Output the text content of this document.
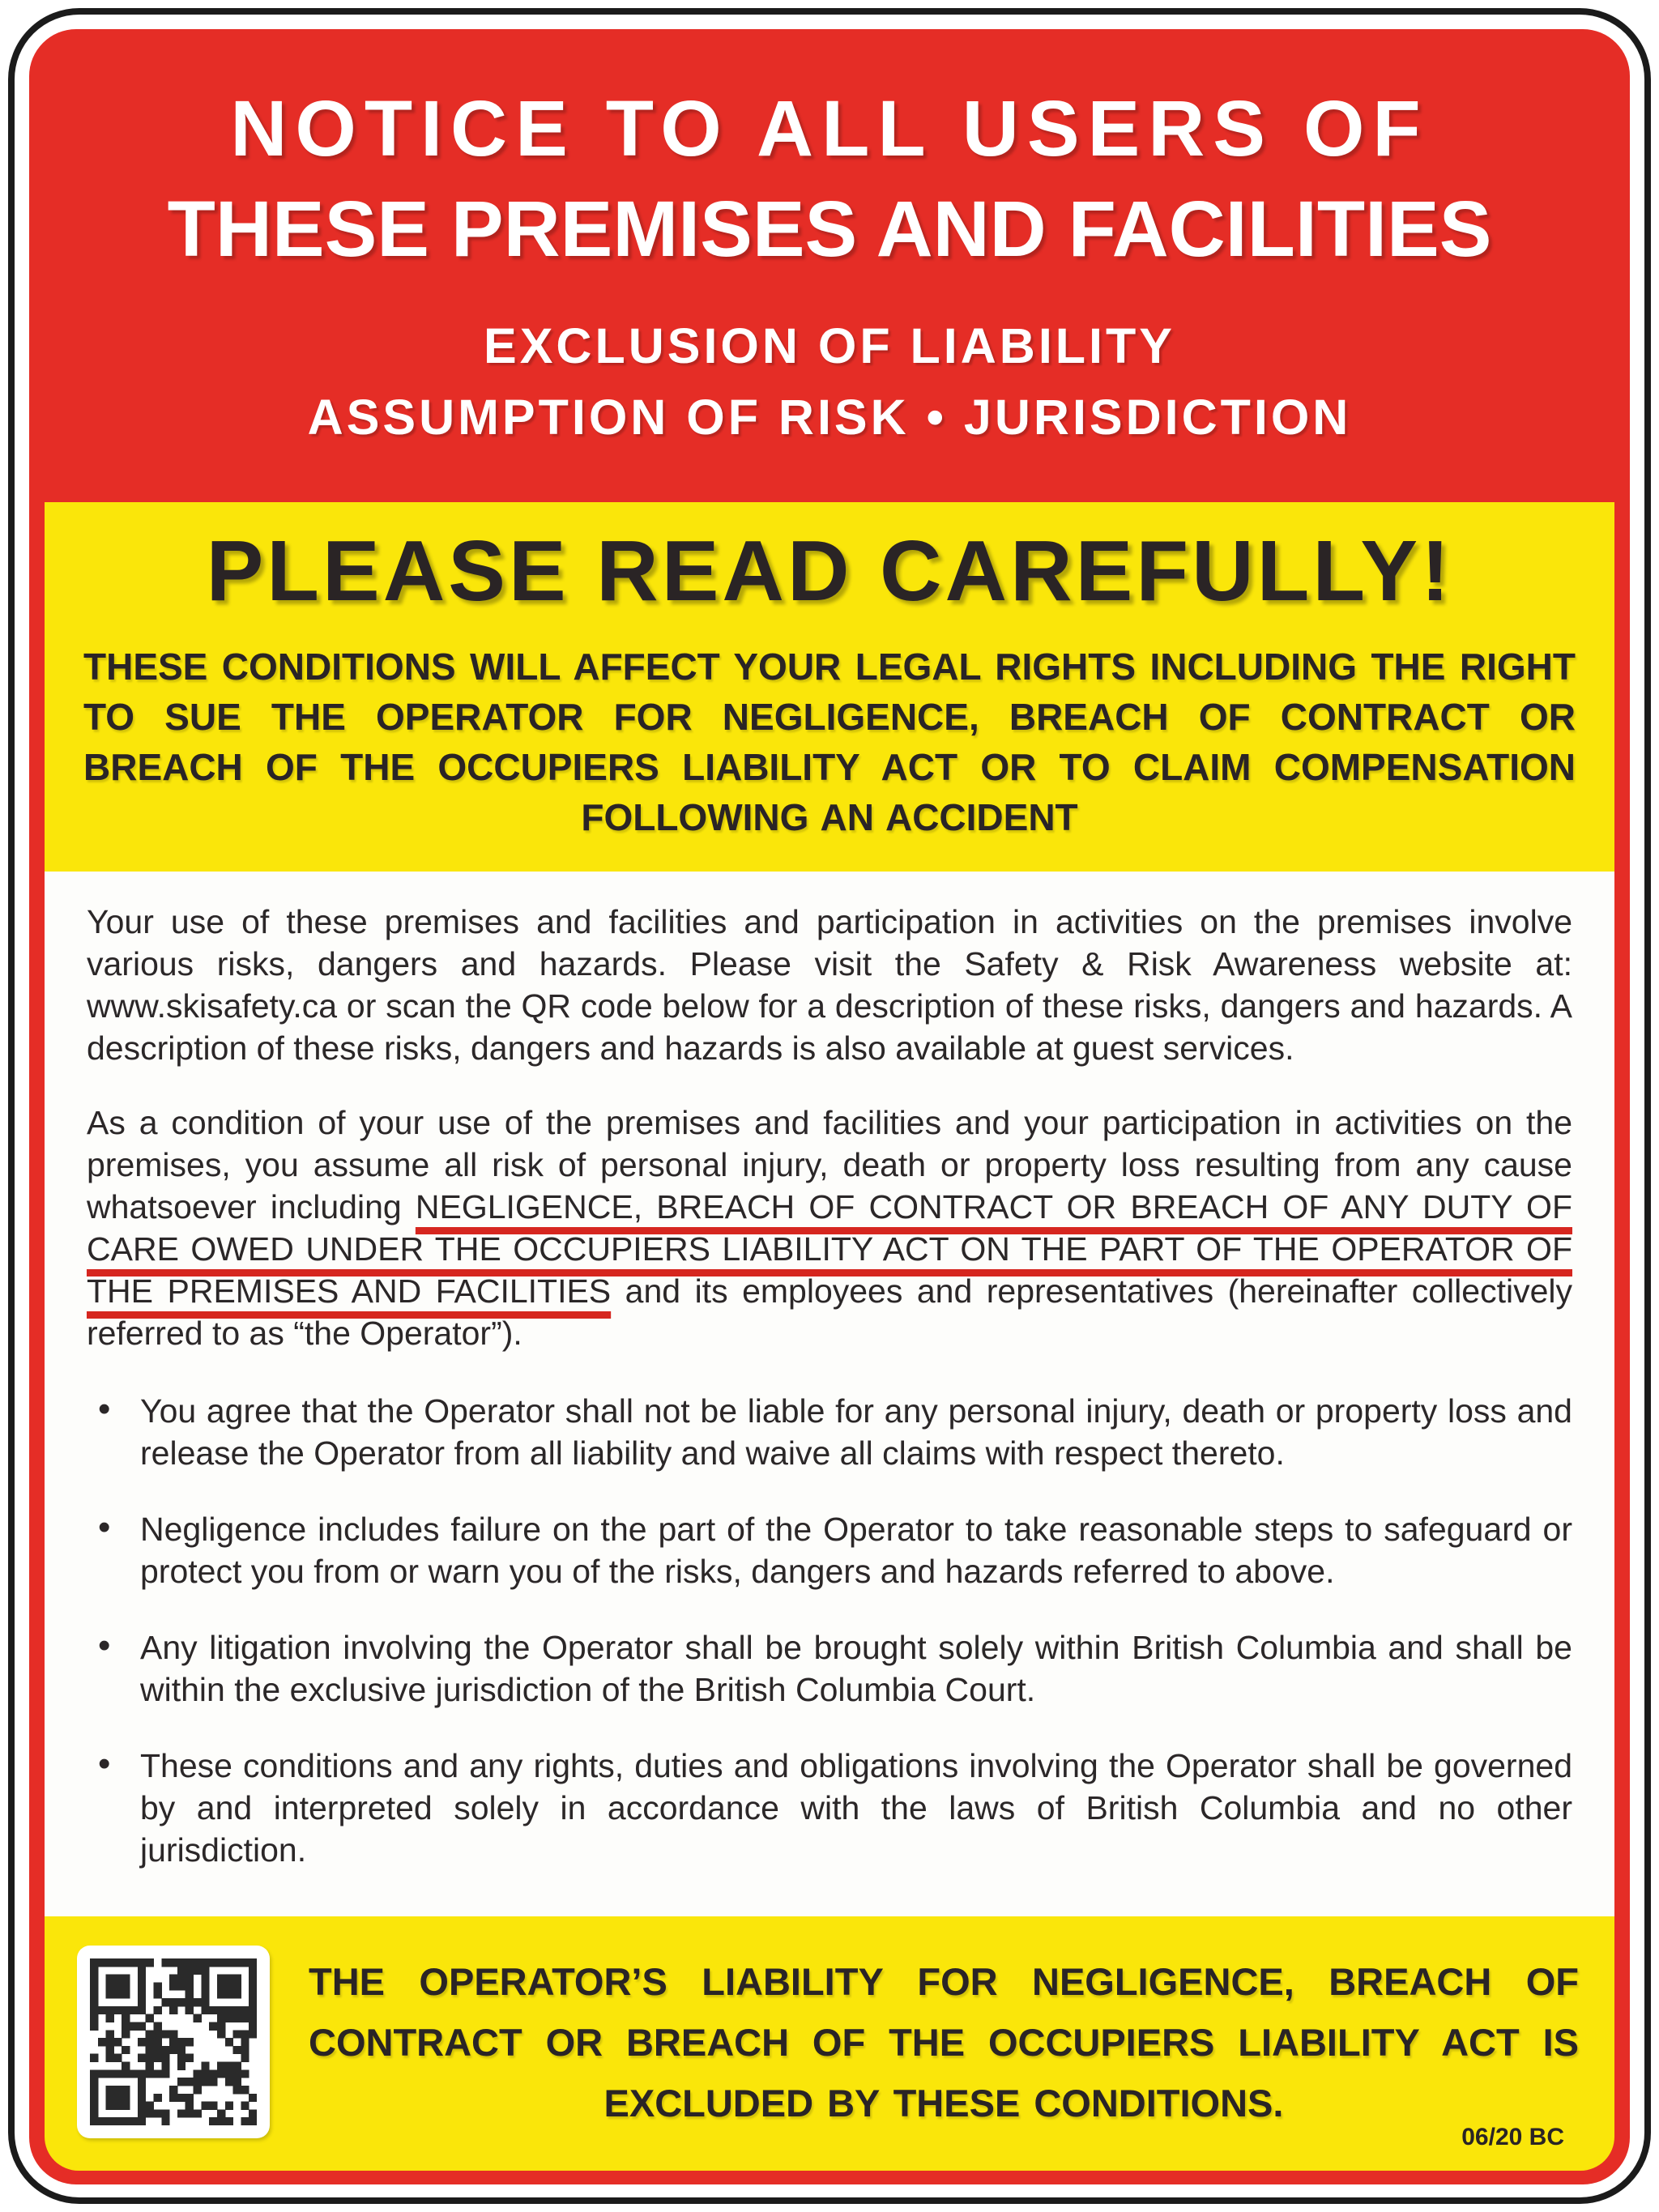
NOTICE TO ALL USERS OF
THESE PREMISES AND FACILITIES
EXCLUSION OF LIABILITY
ASSUMPTION OF RISK • JURISDICTION
PLEASE READ CAREFULLY!
THESE CONDITIONS WILL AFFECT YOUR LEGAL RIGHTS INCLUDING THE RIGHT TO SUE THE OPERATOR FOR NEGLIGENCE, BREACH OF CONTRACT OR BREACH OF THE OCCUPIERS LIABILITY ACT OR TO CLAIM COMPENSATION FOLLOWING AN ACCIDENT

Your use of these premises and facilities and participation in activities on the premises involve various risks, dangers and hazards. Please visit the Safety & Risk Awareness website at: www.skisafety.ca or scan the QR code below for a description of these risks, dangers and hazards. A description of these risks, dangers and hazards is also available at guest services.

As a condition of your use of the premises and facilities and your participation in activities on the premises, you assume all risk of personal injury, death or property loss resulting from any cause whatsoever including NEGLIGENCE, BREACH OF CONTRACT OR BREACH OF ANY DUTY OF CARE OWED UNDER THE OCCUPIERS LIABILITY ACT ON THE PART OF THE OPERATOR OF THE PREMISES AND FACILITIES and its employees and representatives (hereinafter collectively referred to as “the Operator”).

• You agree that the Operator shall not be liable for any personal injury, death or property loss and release the Operator from all liability and waive all claims with respect thereto.
• Negligence includes failure on the part of the Operator to take reasonable steps to safeguard or protect you from or warn you of the risks, dangers and hazards referred to above.
• Any litigation involving the Operator shall be brought solely within British Columbia and shall be within the exclusive jurisdiction of the British Columbia Court.
• These conditions and any rights, duties and obligations involving the Operator shall be governed by and interpreted solely in accordance with the laws of British Columbia and no other jurisdiction.
THE OPERATOR’S LIABILITY FOR NEGLIGENCE, BREACH OF CONTRACT OR BREACH OF THE OCCUPIERS LIABILITY ACT IS EXCLUDED BY THESE CONDITIONS.
06/20 BC
